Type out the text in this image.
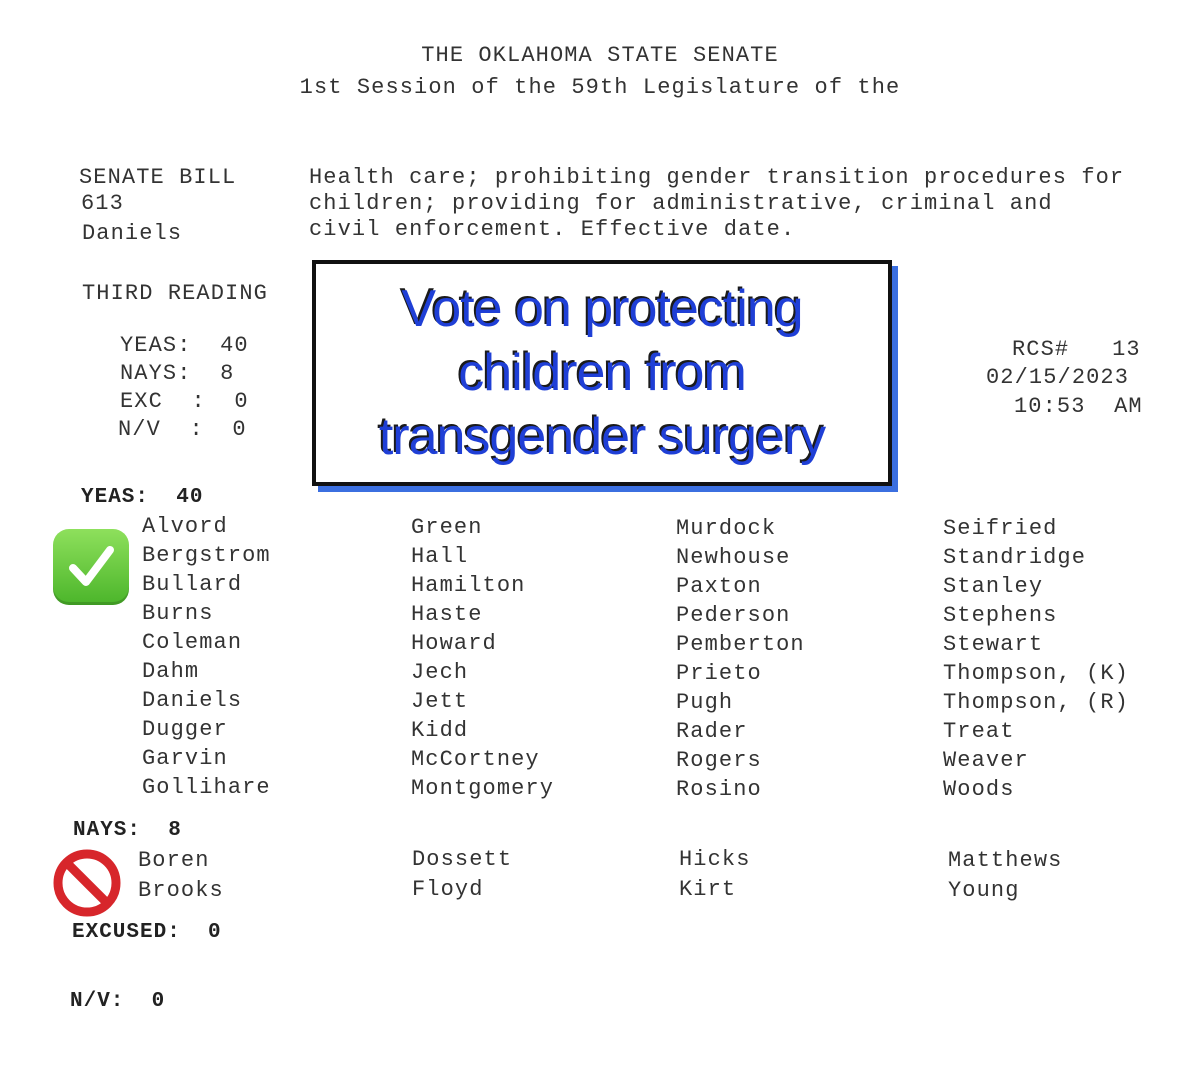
THE OKLAHOMA STATE SENATE
1st Session of the 59th Legislature of the
SENATE BILL
613
Daniels
Health care; prohibiting gender transition procedures for children; providing for administrative, criminal and civil enforcement. Effective date.
THIRD READING
YEAS:  40
NAYS:  8
EXC  :  0
N/V  :  0
RCS#   13
02/15/2023
10:53  AM
Vote on protecting
children from
transgender surgery
YEAS:  40
Alvord
Bergstrom
Bullard
Burns
Coleman
Dahm
Daniels
Dugger
Garvin
Gollihare
Green
Hall
Hamilton
Haste
Howard
Jech
Jett
Kidd
McCortney
Montgomery
Murdock
Newhouse
Paxton
Pederson
Pemberton
Prieto
Pugh
Rader
Rogers
Rosino
Seifried
Standridge
Stanley
Stephens
Stewart
Thompson, (K)
Thompson, (R)
Treat
Weaver
Woods
NAYS:  8
Boren
Brooks
Dossett
Floyd
Hicks
Kirt
Matthews
Young
EXCUSED:  0
N/V:  0
